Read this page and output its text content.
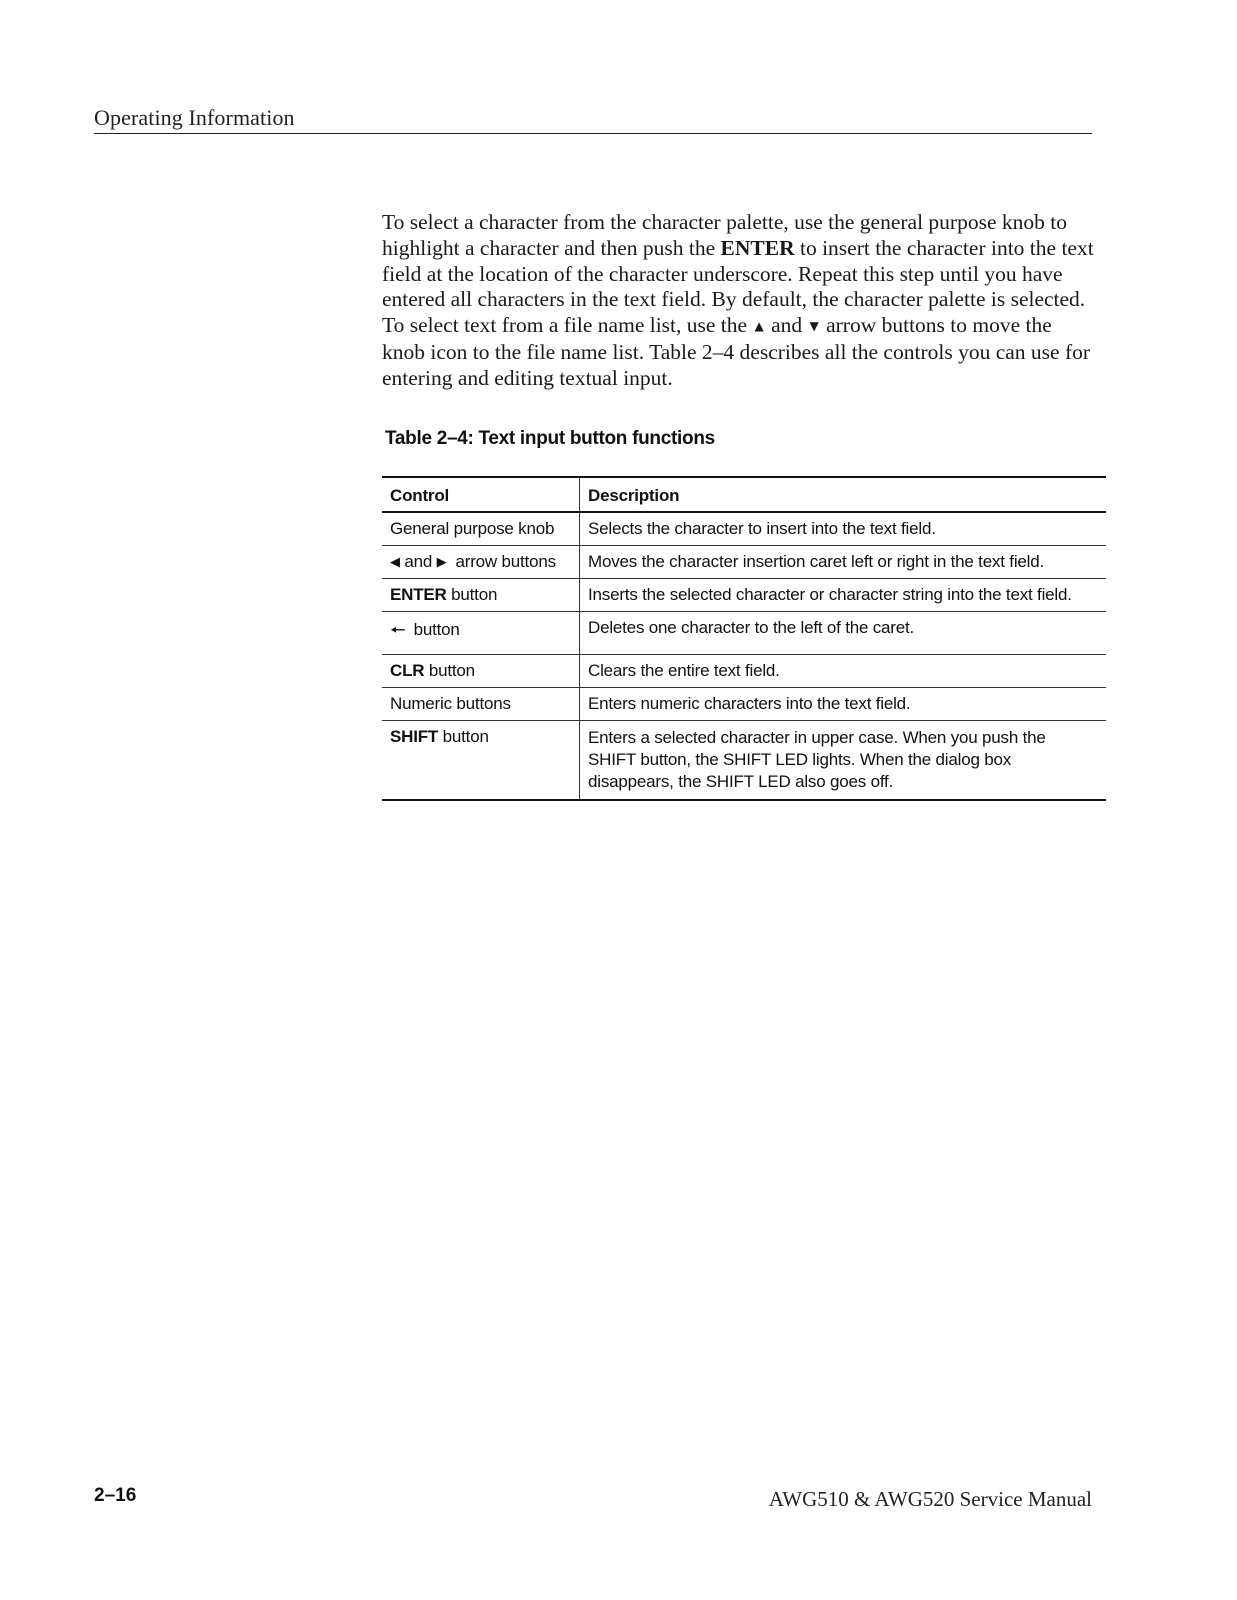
Operating Information

To select a character from the character palette, use the general purpose knob to highlight a character and then push the ENTER to insert the character into the text field at the location of the character underscore. Repeat this step until you have entered all characters in the text field. By default, the character palette is selected. To select text from a file name list, use the ▲ and ▼ arrow buttons to move the knob icon to the file name list. Table 2–4 describes all the controls you can use for entering and editing textual input.

Table 2–4: Text input button functions
Control	Description
General purpose knob	Selects the character to insert into the text field.
◀ and ▶ arrow buttons	Moves the character insertion caret left or right in the text field.
ENTER button	Inserts the selected character or character string into the text field.
🠔 button	Deletes one character to the left of the caret.
CLR button	Clears the entire text field.
Numeric buttons	Enters numeric characters into the text field.
SHIFT button	Enters a selected character in upper case. When you push the
SHIFT button, the SHIFT LED lights. When the dialog box
disappears, the SHIFT LED also goes off.
2–16	AWG510 & AWG520 Service Manual
